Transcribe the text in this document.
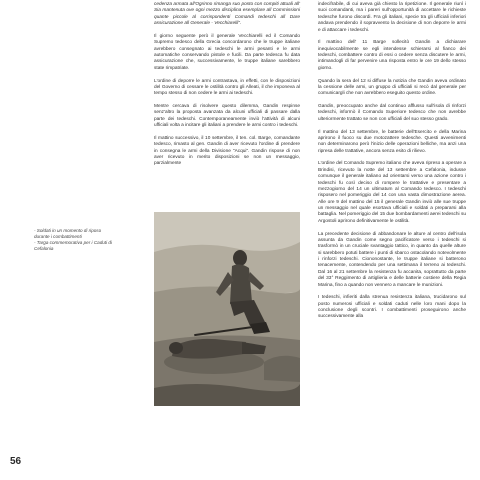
- Soldati in un momento di riposo
durante i combattimenti
- Targa commemorativa per i Caduti di
Cefalonia

cedenza armata all'Ogrinno rimanga suo posto con compiti attuali all' Sia mantenuta ove ogni mezzo disciplina esemplare all Commissioni quante piccole al corrispondenti Comandi tedeschi all Dare assicurazione all Generale - Vecchiarelli".

Il giorno seguente però il generale Vecchiarelli ed il Comando Supremo tedesco della Grecia concordarono che le truppe italiane avrebbero consegnato ai tedeschi le armi pesanti e le armi automatiche conservando pistole e fucili. Da parte tedesca fu data assicurazione che, successivamente, le truppe italiane sarebbero state rimpatriate.

L'ordine di deporre le armi contrastava, in effetti, con le disposizioni del Governo di cessare le ostilità contro gli Alleati, il che imponeva al tempo stesso di non cedere le armi ai tedeschi.

Mentre cercava di risolvere questo dilemma, Gandin respinse senz'altro la proposta avanzata da alcuni ufficiali di passare dalla parte dei tedeschi. Contemporaneamente inviò l'attività di alcuni ufficiali volta a incitare gli italiani a prendere le armi contro i tedeschi.

Il mattino successivo, il 10 settembre, il ten. col. Barge, comandante tedesco, rimasto al gen. Gandin di aver ricevuto l'ordine di prendere in consegna le armi della Divisione "Acqui". Gandin rispose di non aver ricevuto in merito disposizioni se non un messaggio, parzialmente

indecifrabile, di cui aveva già chiesto la ripetizione. Il generale riunì i suoi comandanti, ma i pareri sull'opportunità di accettare le richieste tedesche furono discordi. Fra gli italiani, specie tra gli ufficiali inferiori andava prendendo il sopravvento la decisione di non deporre le armi e di attaccare i tedeschi.

Il mattino dell' 11 Barge sollecitò Gandin a dichiarare inequivocabilmente se egli intendesse schierarsi al fianco dei tedeschi, combattere contro di essi o cedere senza discutere le armi, intimandogli di far pervenire una risposta entro le ore 19 dello stesso giorno.

Quando la sera del 12 si diffuse la notizia che Gandin aveva ordinato la cessione delle armi, un gruppo di ufficiali si recò dal generale per comunicargli che non avrebbero eseguito questo ordine.

Gandin, preoccupato anche dal continuo afflusso sull'isola di rinforzi tedeschi, informò il Comando Superiore tedesco che non avrebbe ulteriormente trattato se non con ufficiali del suo stesso grado.

Il mattino del 13 settembre, le batterie dell'Esercito e della Marina aprirono il fuoco su due motozattere tedesche. Questi avvenimenti non determinarono però l'inizio delle operazioni belliche, ma anzi una ripresa delle trattative, ancora senza esito di rilievo.

L'ordine del Comando Supremo italiano che aveva ripreso a operare a Brindisi, ricevuto la notte del 13 settembre a Cefalonia, indusse comunque il generale italiano ad orientarsi verso una azione contro i tedeschi fu così deciso di rompere le trattative e presentare a mezzogiorno del 14 un ultimatum al Comando tedesco. I tedeschi risposero nel pomeriggio del 14 con una vasta dimostrazione aerea. Alle ore 9 del mattino del 15 il generale Gandin inviò alle sue truppe un messaggio nel quale esortava ufficiali e soldati a prepararsi alla battaglia. Nel pomeriggio del 15 due bombardamenti aerei tedeschi su Argostoli aprirono definitivamente le ostilità.

La precedente decisione di abbandonare le alture al centro dell'isola assunta da Gandin come segno pacificatore verso i tedeschi si trasformò in un cruciale svantaggio tattico, in quanto da quelle alture si sarebbero potuti battere i punti di sbarco ostacolando notevolmente i rinforzi tedeschi. Ciononostante, le truppe italiane si batterono tenacemente, contendendo per una settimana il terreno ai tedeschi. Dal 16 al 21 settembre la resistenza fu accanita, soprattutto da parte del 33° Reggimento di artiglieria e delle batterie costiere della Regia Marina, fino a quando non vennero a mancare le munizioni.

I tedeschi, infieriti dalla strenua resistenza italiana, trucidarono sul posto numerosi ufficiali e soldati caduti nelle loro mani dopo la conclusione degli scontri. I combattimenti proseguirono anche successivamente alla

56
